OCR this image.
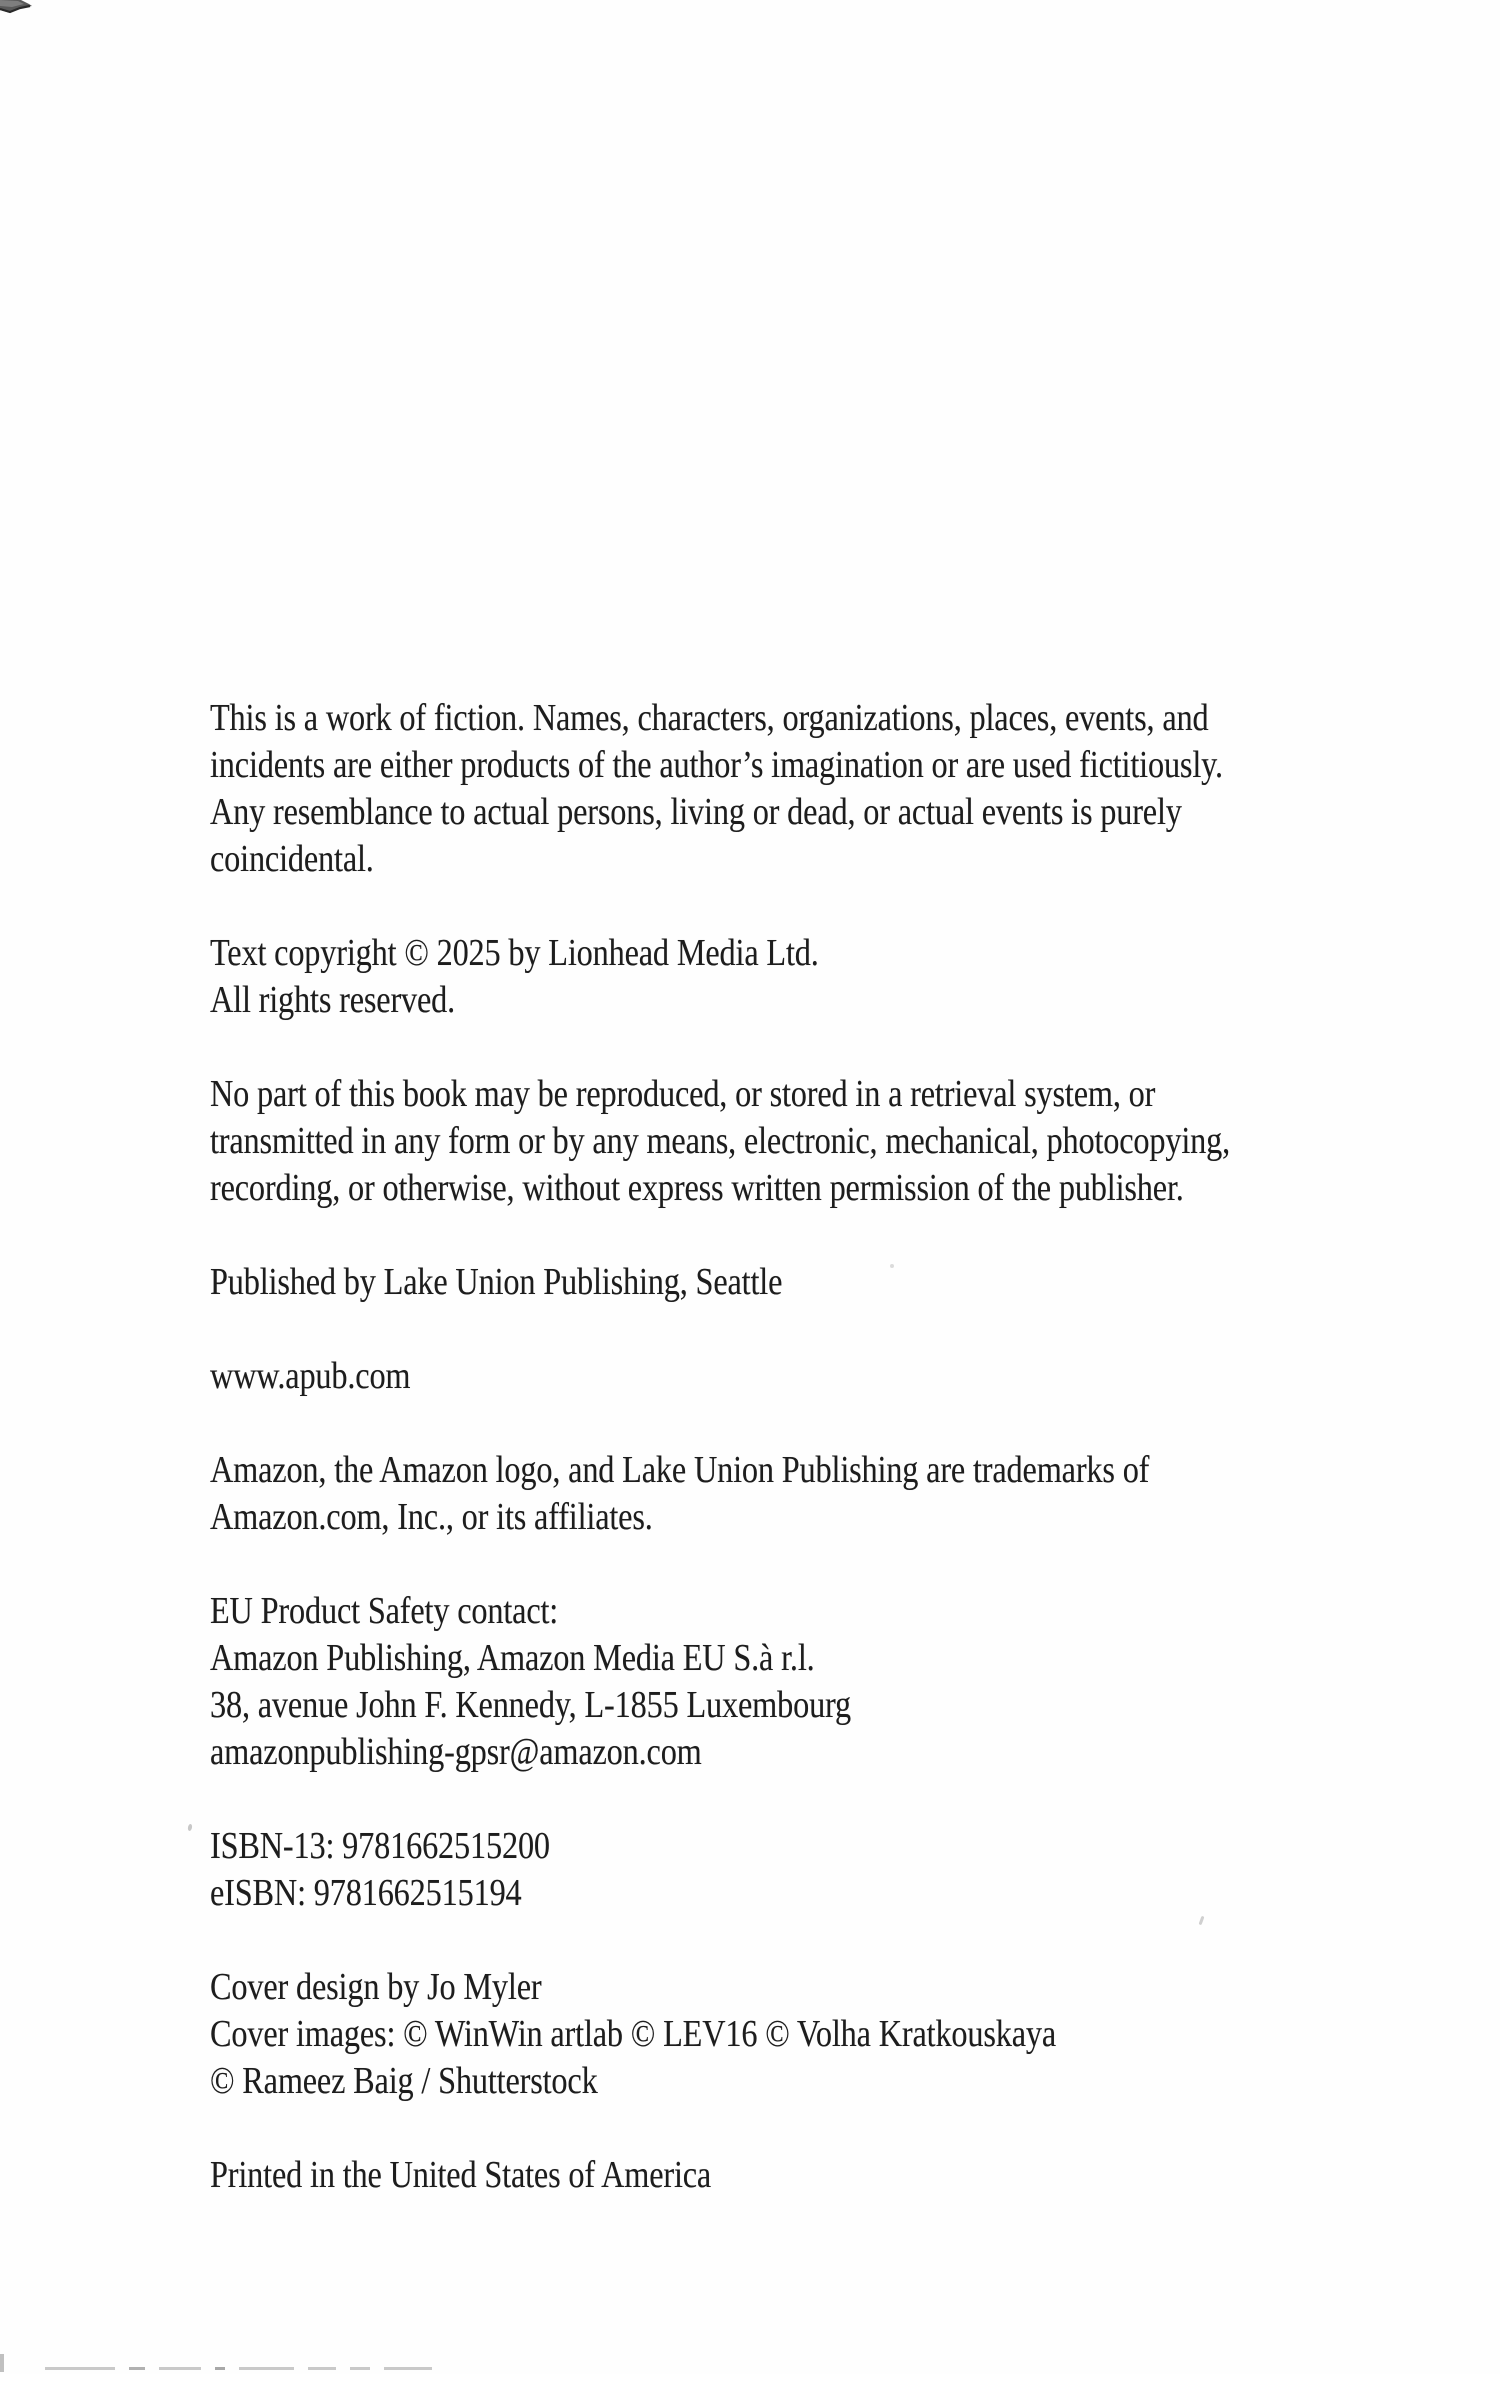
This is a work of fiction. Names, characters, organizations, places, events, and
incidents are either products of the author’s imagination or are used fictitiously.
Any resemblance to actual persons, living or dead, or actual events is purely
coincidental.
Text copyright © 2025 by Lionhead Media Ltd.
All rights reserved.
No part of this book may be reproduced, or stored in a retrieval system, or
transmitted in any form or by any means, electronic, mechanical, photocopying,
recording, or otherwise, without express written permission of the publisher.
Published by Lake Union Publishing, Seattle
www.apub.com
Amazon, the Amazon logo, and Lake Union Publishing are trademarks of
Amazon.com, Inc., or its affiliates.
EU Product Safety contact:
Amazon Publishing, Amazon Media EU S.à r.l.
38, avenue John F. Kennedy, L-1855 Luxembourg
amazonpublishing-gpsr@amazon.com
ISBN-13: 9781662515200
eISBN: 9781662515194
Cover design by Jo Myler
Cover images: © WinWin artlab © LEV16 © Volha Kratkouskaya
© Rameez Baig / Shutterstock
Printed in the United States of America
